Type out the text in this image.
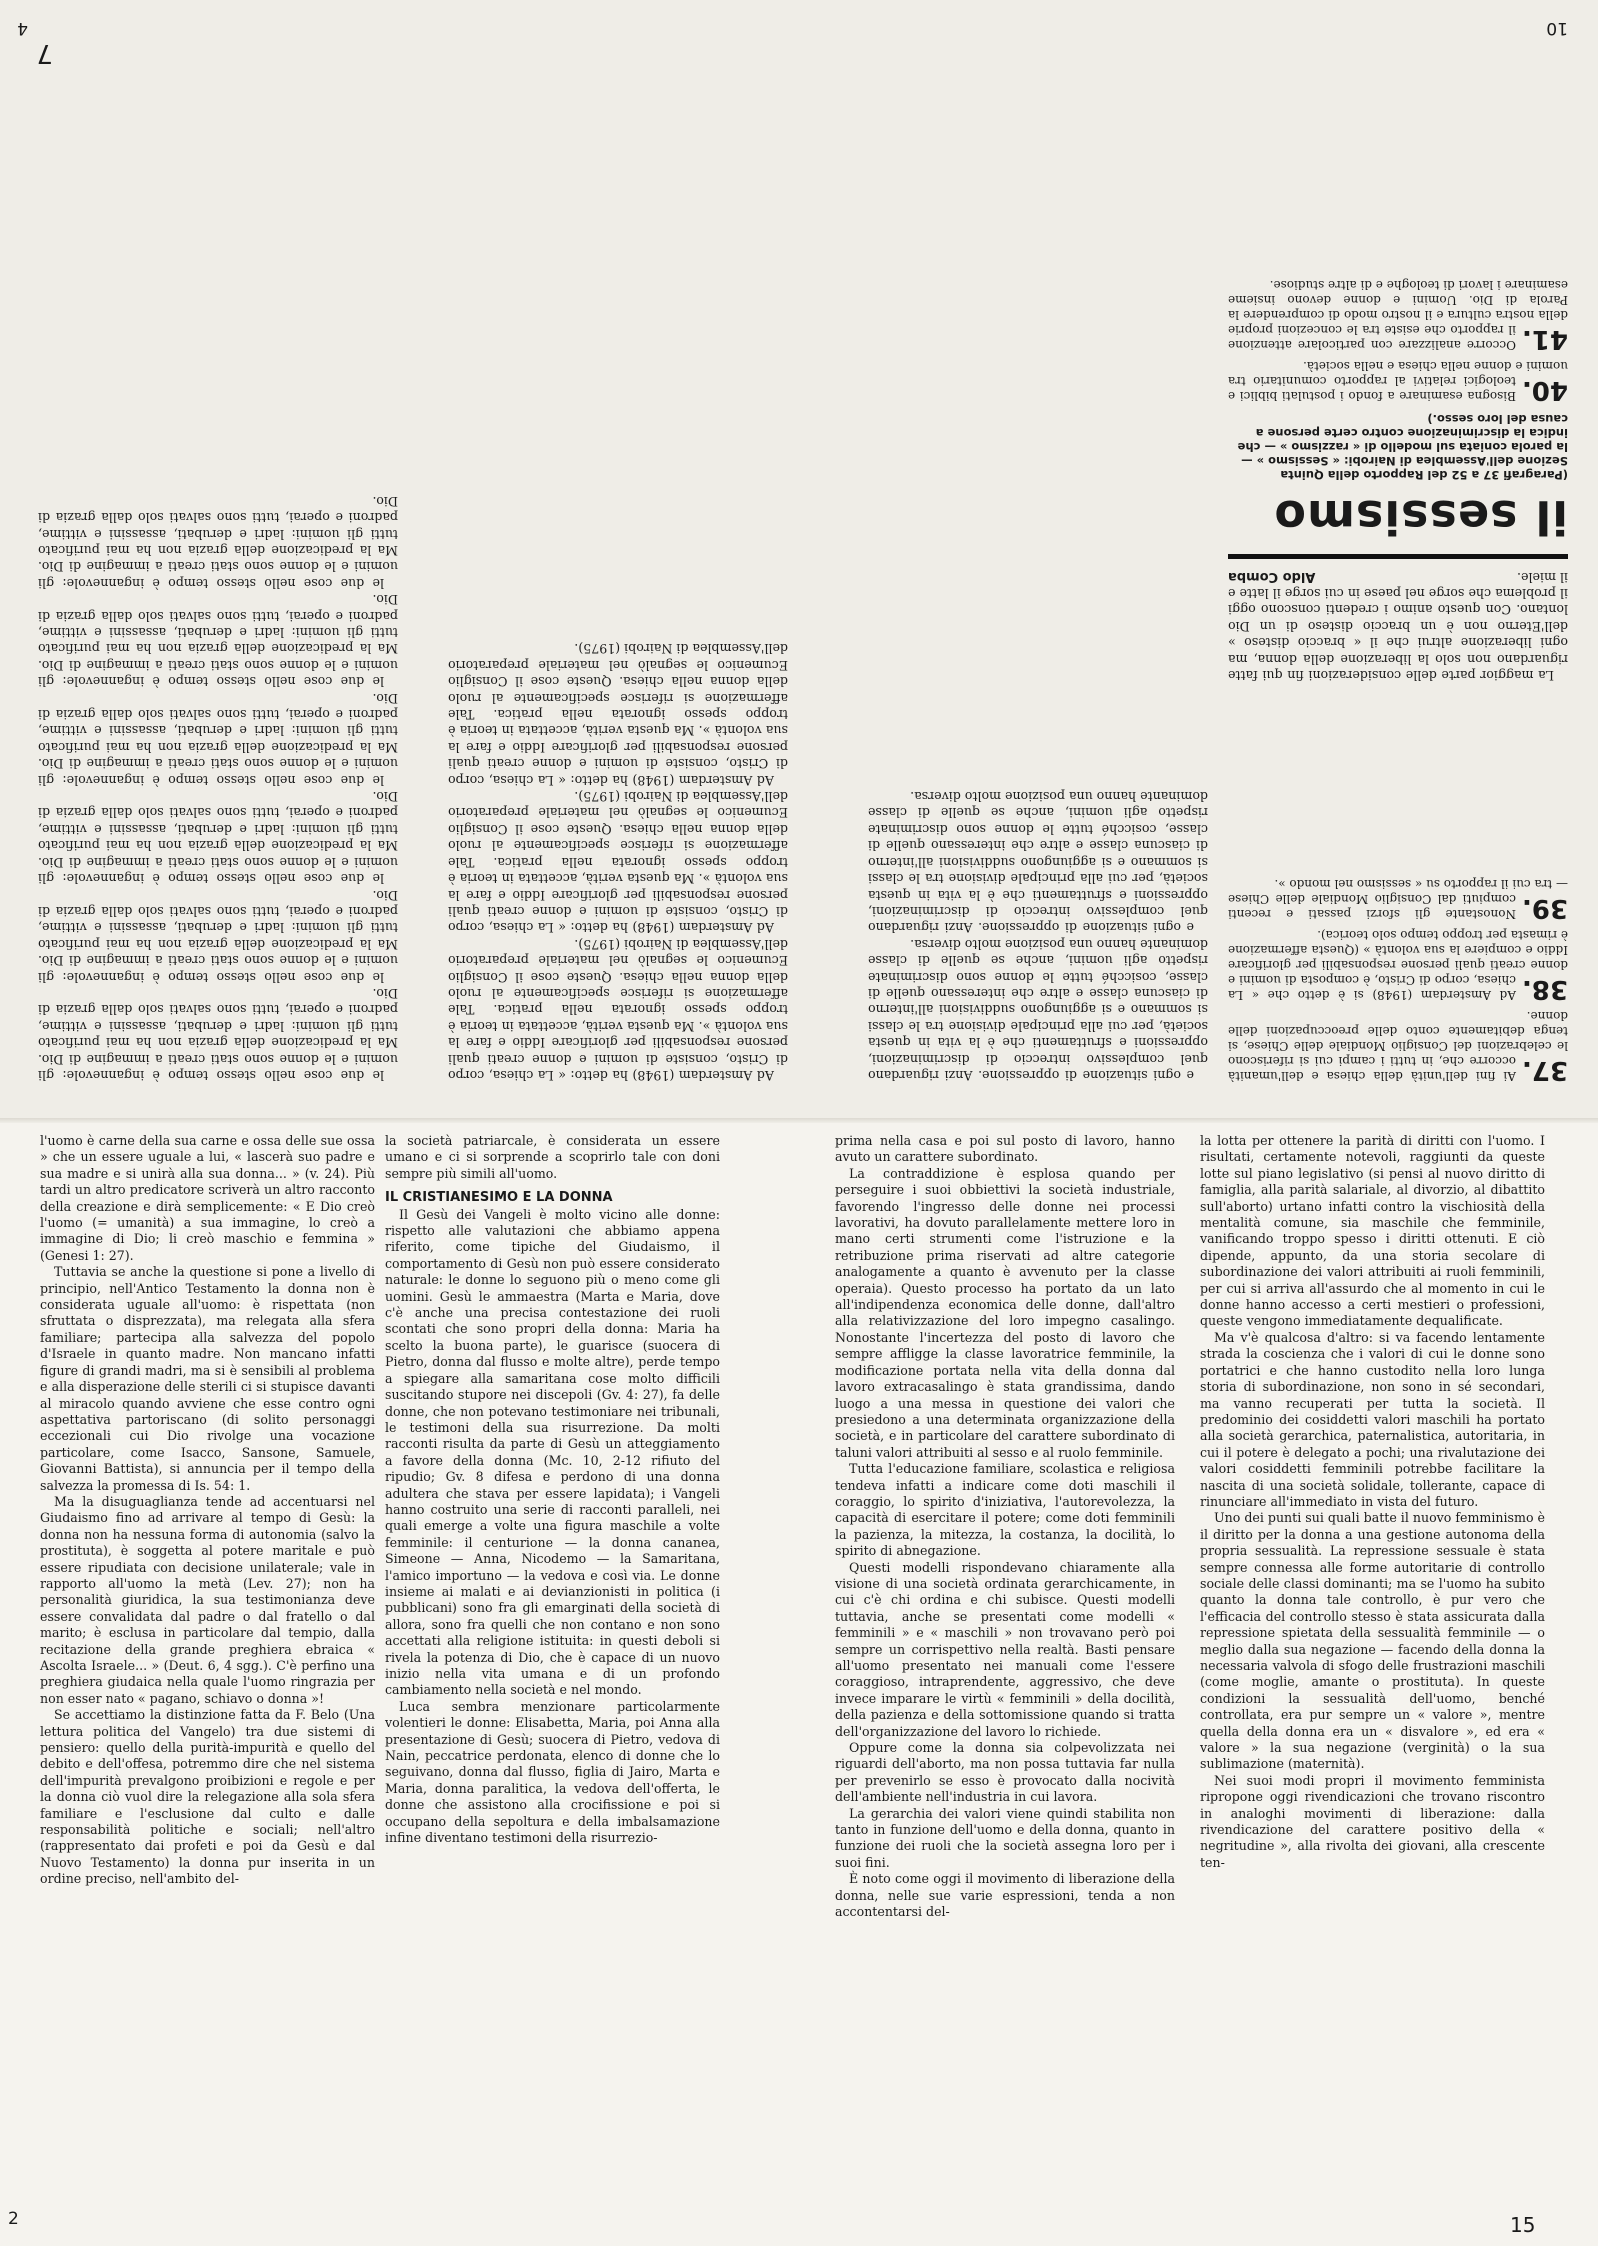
10
7
4
37.
Ai fini dell'unità della chiesa e dell'umanità occorre che, in tutti i campi cui si riferiscono le celebrazioni del Consiglio Mondiale delle Chiese, si tenga debitamente conto delle preoccupazioni delle donne.
38.
Ad Amsterdam (1948) si è detto che « La chiesa, corpo di Cristo, è composta di uomini e donne creati quali persone responsabili per glorificare Iddio e compiere la sua volontà » (Questa affermazione è rimasta per troppo tempo solo teorica).
39.
Nonostante gli sforzi passati e recenti compiuti dal Consiglio Mondiale delle Chiese — tra cui il rapporto su « sessismo nel mondo ».
40.
Bisogna esaminare a fondo i postulati biblici e teologici relativi al rapporto comunitario tra uomini e donne nella chiesa e nella società.
41.
Occorre analizzare con particolare attenzione il rapporto che esiste tra le concezioni proprie della nostra cultura e il nostro modo di comprendere la Parola di Dio. Uomini e donne devono insieme esaminare i lavori di teologhe e di altre studiose.

e ogni situazione di oppressione. Anzi riguardano quel complessivo intreccio di discriminazioni, oppressioni e sfruttamenti che è la vita in questa società, per cui alla principale divisione tra le classi si sommano e si aggiungono suddivisioni all'interno di ciascuna classe e altre che interessano quelle di classe, cosicché tutte le donne sono discriminate rispetto agli uomini, anche se quelle di classe dominante hanno una posizione molto diversa.

e ogni situazione di oppressione. Anzi riguardano quel complessivo intreccio di discriminazioni, oppressioni e sfruttamenti che è la vita in questa società, per cui alla principale divisione tra le classi si sommano e si aggiungono suddivisioni all'interno di ciascuna classe e altre che interessano quelle di classe, cosicché tutte le donne sono discriminate rispetto agli uomini, anche se quelle di classe dominante hanno una posizione molto diversa.

Ad Amsterdam (1948) ha detto: « La chiesa, corpo di Cristo, consiste di uomini e donne creati quali persone responsabili per glorificare Iddio e fare la sua volontà ». Ma questa verità, accettata in teoria è troppo spesso ignorata nella pratica. Tale affermazione si riferisce specificamente al ruolo della donna nella chiesa. Queste cose il Consiglio Ecumenico le segnalò nel materiale preparatorio dell'Assemblea di Nairobi (1975).

Ad Amsterdam (1948) ha detto: « La chiesa, corpo di Cristo, consiste di uomini e donne creati quali persone responsabili per glorificare Iddio e fare la sua volontà ». Ma questa verità, accettata in teoria è troppo spesso ignorata nella pratica. Tale affermazione si riferisce specificamente al ruolo della donna nella chiesa. Queste cose il Consiglio Ecumenico le segnalò nel materiale preparatorio dell'Assemblea di Nairobi (1975).

Ad Amsterdam (1948) ha detto: « La chiesa, corpo di Cristo, consiste di uomini e donne creati quali persone responsabili per glorificare Iddio e fare la sua volontà ». Ma questa verità, accettata in teoria è troppo spesso ignorata nella pratica. Tale affermazione si riferisce specificamente al ruolo della donna nella chiesa. Queste cose il Consiglio Ecumenico le segnalò nel materiale preparatorio dell'Assemblea di Nairobi (1975).

le due cose nello stesso tempo è ingannevole: gli uomini e le donne sono stati creati a immagine di Dio. Ma la predicazione della grazia non ha mai purificato tutti gli uomini: ladri e derubati, assassini e vittime, padroni e operai, tutti sono salvati solo dalla grazia di Dio.

le due cose nello stesso tempo è ingannevole: gli uomini e le donne sono stati creati a immagine di Dio. Ma la predicazione della grazia non ha mai purificato tutti gli uomini: ladri e derubati, assassini e vittime, padroni e operai, tutti sono salvati solo dalla grazia di Dio.

le due cose nello stesso tempo è ingannevole: gli uomini e le donne sono stati creati a immagine di Dio. Ma la predicazione della grazia non ha mai purificato tutti gli uomini: ladri e derubati, assassini e vittime, padroni e operai, tutti sono salvati solo dalla grazia di Dio.

le due cose nello stesso tempo è ingannevole: gli uomini e le donne sono stati creati a immagine di Dio. Ma la predicazione della grazia non ha mai purificato tutti gli uomini: ladri e derubati, assassini e vittime, padroni e operai, tutti sono salvati solo dalla grazia di Dio.

le due cose nello stesso tempo è ingannevole: gli uomini e le donne sono stati creati a immagine di Dio. Ma la predicazione della grazia non ha mai purificato tutti gli uomini: ladri e derubati, assassini e vittime, padroni e operai, tutti sono salvati solo dalla grazia di Dio.

le due cose nello stesso tempo è ingannevole: gli uomini e le donne sono stati creati a immagine di Dio. Ma la predicazione della grazia non ha mai purificato tutti gli uomini: ladri e derubati, assassini e vittime, padroni e operai, tutti sono salvati solo dalla grazia di Dio.

La maggior parte delle considerazioni fin qui fatte riguardano non solo la liberazione della donna, ma ogni liberazione altrui che il « braccio disteso » dell'Eterno non è un braccio disteso di un Dio lontano. Con questo animo i credenti conscono oggi il problema che sorge nel paese in cui sorge il latte e il miele.

Aldo Comba
il sessismo
(Paragrafi 37 a 52 del Rapporto della Quinta Sezione dell'Assemblea di Nairobi: « Sessismo » — la parola coniata sul modello di « razzismo » — che indica la discriminazione contro certe persone a causa del loro sesso.)

l'uomo è carne della sua carne e ossa delle sue ossa » che un essere uguale a lui, « lascerà suo padre e sua madre e si unirà alla sua donna... » (v. 24). Più tardi un altro predicatore scriverà un altro racconto della creazione e dirà semplicemente: « E Dio creò l'uomo (= umanità) a sua immagine, lo creò a immagine di Dio; li creò maschio e femmina » (Genesi 1: 27).

Tuttavia se anche la questione si pone a livello di principio, nell'Antico Testamento la donna non è considerata uguale all'uomo: è rispettata (non sfruttata o disprezzata), ma relegata alla sfera familiare; partecipa alla salvezza del popolo d'Israele in quanto madre. Non mancano infatti figure di grandi madri, ma si è sensibili al problema e alla disperazione delle sterili ci si stupisce davanti al miracolo quando avviene che esse contro ogni aspettativa partoriscano (di solito personaggi eccezionali cui Dio rivolge una vocazione particolare, come Isacco, Sansone, Samuele, Giovanni Battista), si annuncia per il tempo della salvezza la promessa di Is. 54: 1.

Ma la disuguaglianza tende ad accentuarsi nel Giudaismo fino ad arrivare al tempo di Gesù: la donna non ha nessuna forma di autonomia (salvo la prostituta), è soggetta al potere maritale e può essere ripudiata con decisione unilaterale; vale in rapporto all'uomo la metà (Lev. 27); non ha personalità giuridica, la sua testimonianza deve essere convalidata dal padre o dal fratello o dal marito; è esclusa in particolare dal tempio, dalla recitazione della grande preghiera ebraica « Ascolta Israele... » (Deut. 6, 4 sgg.). C'è perfino una preghiera giudaica nella quale l'uomo ringrazia per non esser nato « pagano, schiavo o donna »!

Se accettiamo la distinzione fatta da F. Belo (Una lettura politica del Vangelo) tra due sistemi di pensiero: quello della purità-impurità e quello del debito e dell'offesa, potremmo dire che nel sistema dell'impurità prevalgono proibizioni e regole e per la donna ciò vuol dire la relegazione alla sola sfera familiare e l'esclusione dal culto e dalle responsabilità politiche e sociali; nell'altro (rappresentato dai profeti e poi da Gesù e dal Nuovo Testamento) la donna pur inserita in un ordine preciso, nell'ambito del-

la società patriarcale, è considerata un essere umano e ci si sorprende a scoprirlo tale con doni sempre più simili all'uomo.

IL CRISTIANESIMO E LA DONNA

Il Gesù dei Vangeli è molto vicino alle donne: rispetto alle valutazioni che abbiamo appena riferito, come tipiche del Giudaismo, il comportamento di Gesù non può essere considerato naturale: le donne lo seguono più o meno come gli uomini. Gesù le ammaestra (Marta e Maria, dove c'è anche una precisa contestazione dei ruoli scontati che sono propri della donna: Maria ha scelto la buona parte), le guarisce (suocera di Pietro, donna dal flusso e molte altre), perde tempo a spiegare alla samaritana cose molto difficili suscitando stupore nei discepoli (Gv. 4: 27), fa delle donne, che non potevano testimoniare nei tribunali, le testimoni della sua risurrezione. Da molti racconti risulta da parte di Gesù un atteggiamento a favore della donna (Mc. 10, 2-12 rifiuto del ripudio; Gv. 8 difesa e perdono di una donna adultera che stava per essere lapidata); i Vangeli hanno costruito una serie di racconti paralleli, nei quali emerge a volte una figura maschile a volte femminile: il centurione — la donna cananea, Simeone — Anna, Nicodemo — la Samaritana, l'amico importuno — la vedova e così via. Le donne insieme ai malati e ai devianzionisti in politica (i pubblicani) sono fra gli emarginati della società di allora, sono fra quelli che non contano e non sono accettati alla religione istituita: in questi deboli si rivela la potenza di Dio, che è capace di un nuovo inizio nella vita umana e di un profondo cambiamento nella società e nel mondo.

Luca sembra menzionare particolarmente volentieri le donne: Elisabetta, Maria, poi Anna alla presentazione di Gesù; suocera di Pietro, vedova di Nain, peccatrice perdonata, elenco di donne che lo seguivano, donna dal flusso, figlia di Jairo, Marta e Maria, donna paralitica, la vedova dell'offerta, le donne che assistono alla crocifissione e poi si occupano della sepoltura e della imbalsamazione infine diventano testimoni della risurrezio-

2

prima nella casa e poi sul posto di lavoro, hanno avuto un carattere subordinato.

La contraddizione è esplosa quando per perseguire i suoi obbiettivi la società industriale, favorendo l'ingresso delle donne nei processi lavorativi, ha dovuto parallelamente mettere loro in mano certi strumenti come l'istruzione e la retribuzione prima riservati ad altre categorie analogamente a quanto è avvenuto per la classe operaia). Questo processo ha portato da un lato all'indipendenza economica delle donne, dall'altro alla relativizzazione del loro impegno casalingo. Nonostante l'incertezza del posto di lavoro che sempre affligge la classe lavoratrice femminile, la modificazione portata nella vita della donna dal lavoro extracasalingo è stata grandissima, dando luogo a una messa in questione dei valori che presiedono a una determinata organizzazione della società, e in particolare del carattere subordinato di taluni valori attribuiti al sesso e al ruolo femminile.

Tutta l'educazione familiare, scolastica e religiosa tendeva infatti a indicare come doti maschili il coraggio, lo spirito d'iniziativa, l'autorevolezza, la capacità di esercitare il potere; come doti femminili la pazienza, la mitezza, la costanza, la docilità, lo spirito di abnegazione.

Questi modelli rispondevano chiaramente alla visione di una società ordinata gerarchicamente, in cui c'è chi ordina e chi subisce. Questi modelli tuttavia, anche se presentati come modelli « femminili » e « maschili » non trovavano però poi sempre un corrispettivo nella realtà. Basti pensare all'uomo presentato nei manuali come l'essere coraggioso, intraprendente, aggressivo, che deve invece imparare le virtù « femminili » della docilità, della pazienza e della sottomissione quando si tratta dell'organizzazione del lavoro lo richiede.

Oppure come la donna sia colpevolizzata nei riguardi dell'aborto, ma non possa tuttavia far nulla per prevenirlo se esso è provocato dalla nocività dell'ambiente nell'industria in cui lavora.

La gerarchia dei valori viene quindi stabilita non tanto in funzione dell'uomo e della donna, quanto in funzione dei ruoli che la società assegna loro per i suoi fini.

È noto come oggi il movimento di liberazione della donna, nelle sue varie espressioni, tenda a non accontentarsi del-

la lotta per ottenere la parità di diritti con l'uomo. I risultati, certamente notevoli, raggiunti da queste lotte sul piano legislativo (si pensi al nuovo diritto di famiglia, alla parità salariale, al divorzio, al dibattito sull'aborto) urtano infatti contro la vischiosità della mentalità comune, sia maschile che femminile, vanificando troppo spesso i diritti ottenuti. E ciò dipende, appunto, da una storia secolare di subordinazione dei valori attribuiti ai ruoli femminili, per cui si arriva all'assurdo che al momento in cui le donne hanno accesso a certi mestieri o professioni, queste vengono immediatamente dequalificate.

Ma v'è qualcosa d'altro: si va facendo lentamente strada la coscienza che i valori di cui le donne sono portatrici e che hanno custodito nella loro lunga storia di subordinazione, non sono in sé secondari, ma vanno recuperati per tutta la società. Il predominio dei cosiddetti valori maschili ha portato alla società gerarchica, paternalistica, autoritaria, in cui il potere è delegato a pochi; una rivalutazione dei valori cosiddetti femminili potrebbe facilitare la nascita di una società solidale, tollerante, capace di rinunciare all'immediato in vista del futuro.

Uno dei punti sui quali batte il nuovo femminismo è il diritto per la donna a una gestione autonoma della propria sessualità. La repressione sessuale è stata sempre connessa alle forme autoritarie di controllo sociale delle classi dominanti; ma se l'uomo ha subito quanto la donna tale controllo, è pur vero che l'efficacia del controllo stesso è stata assicurata dalla repressione spietata della sessualità femminile — o meglio dalla sua negazione — facendo della donna la necessaria valvola di sfogo delle frustrazioni maschili (come moglie, amante o prostituta). In queste condizioni la sessualità dell'uomo, benché controllata, era pur sempre un « valore », mentre quella della donna era un « disvalore », ed era « valore » la sua negazione (verginità) o la sua sublimazione (maternità).

Nei suoi modi propri il movimento femminista ripropone oggi rivendicazioni che trovano riscontro in analoghi movimenti di liberazione: dalla rivendicazione del carattere positivo della « negritudine », alla rivolta dei giovani, alla crescente ten-

15
